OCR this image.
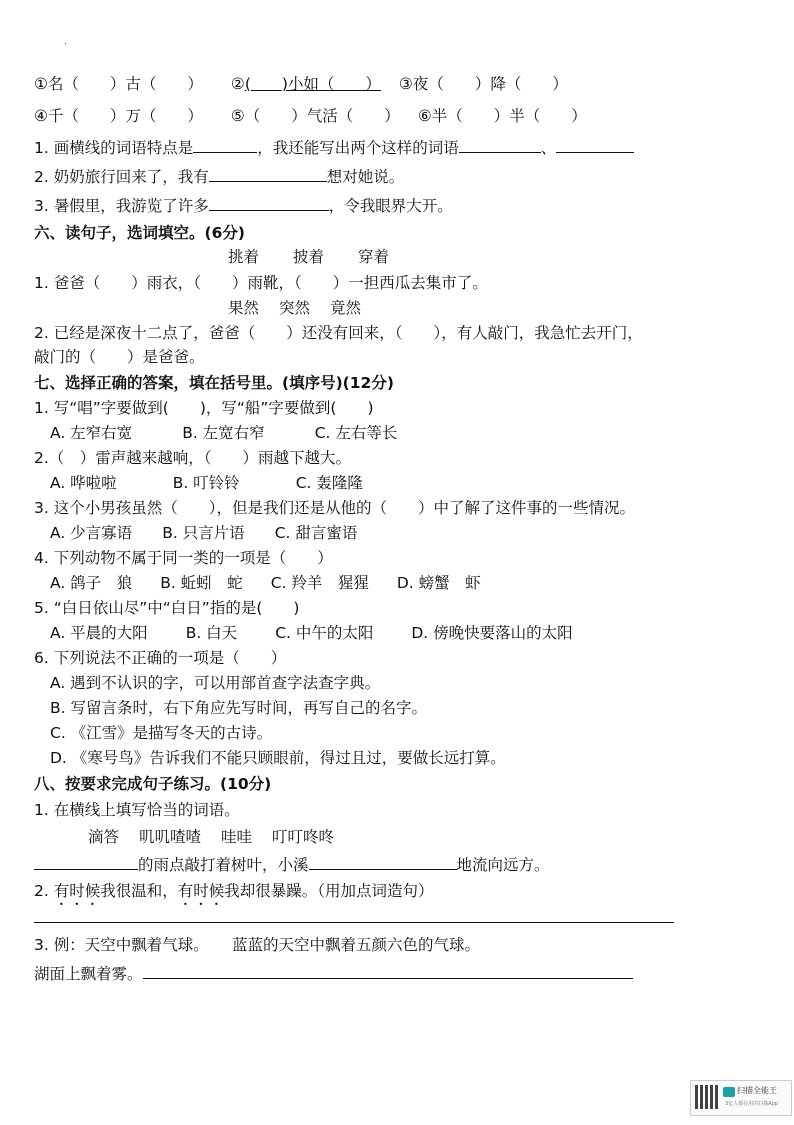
·
①名（　　）古（　　） ②(　　)小如（　　） ③夜（　　）降（　　）
④千（　　）万（　　） ⑤（　　）气活（　　） ⑥半（　　）半（　　）
1. 画横线的词语特点是	，我还能写出两个这样的词语	、
2. 奶奶旅行回来了，我有	想对她说。
3. 暑假里，我游览了许多	，令我眼界大开。
六、读句子，选词填空。(6分)
挑着 披着 穿着
1. 爸爸（　　）雨衣，（　　）雨靴，（　　）一担西瓜去集市了。
果然 突然 竟然
2. 已经是深夜十二点了，爸爸（　　）还没有回来，（　　），有人敲门，我急忙去开门，
敲门的（　　）是爸爸。
七、选择正确的答案，填在括号里。(填序号)(12分)
1. 写“唱”字要做到(　　)，写“船”字要做到(　　)
A. 左窄右宽	B. 左宽右窄	C. 左右等长
2.（　）雷声越来越响，（　　）雨越下越大。
A. 哗啦啦	B. 叮铃铃	C. 轰隆隆
3. 这个小男孩虽然（　　），但是我们还是从他的（　　）中了解了这件事的一些情况。
A. 少言寡语 B. 只言片语 C. 甜言蜜语
4. 下列动物不属于同一类的一项是（　　）
A. 鸽子　狼 B. 蚯蚓　蛇 C. 羚羊　猩猩 D. 螃蟹　虾
5. “白日依山尽”中“白日”指的是(　　)
A. 平晨的大阳 B. 白天 C. 中午的太阳 D. 傍晚快要落山的太阳
6. 下列说法不正确的一项是（　　）
A. 遇到不认识的字，可以用部首查字法查字典。
B. 写留言条时，右下角应先写时间，再写自己的名字。
C. 《江雪》是描写冬天的古诗。
D. 《寒号鸟》告诉我们不能只顾眼前，得过且过，要做长远打算。
八、按要求完成句子练习。(10分)
1. 在横线上填写恰当的词语。
滴答 叽叽喳喳 哇哇 叮叮咚咚
的雨点敲打着树叶，小溪	地流向远方。
2. 有时候我很温和，有时候我却很暴躁。（用加点词造句）
3. 例：天空中飘着气球。　　蓝蓝的天空中飘着五颜六色的气球。
湖面上飘着雾。
扫描全能王
3亿人都在用的扫描App
